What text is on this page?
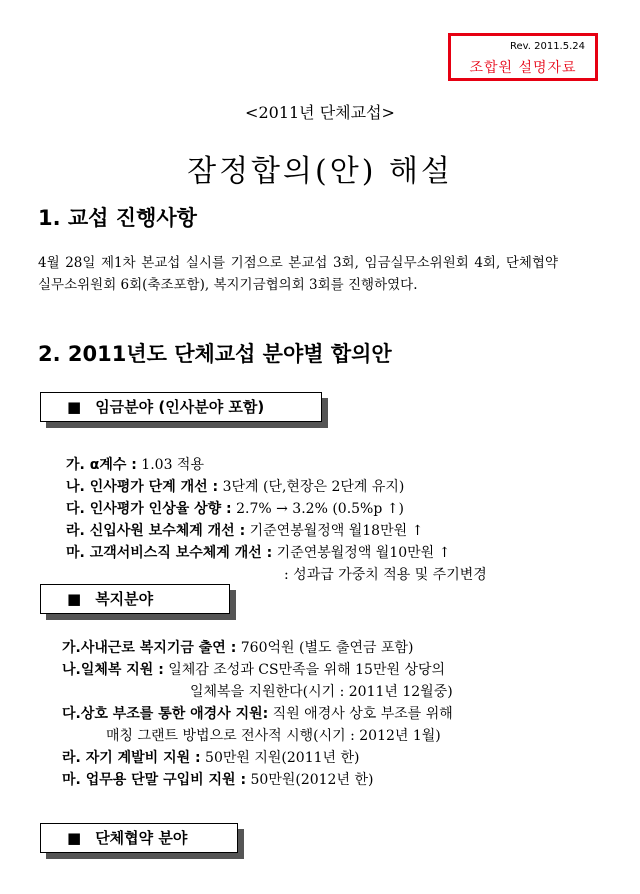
Rev. 2011.5.24
조합원 설명자료
<2011년 단체교섭>
잠정합의(안) 해설
1. 교섭 진행사항
4월 28일 제1차 본교섭 실시를 기점으로 본교섭 3회, 임금실무소위원회 4회, 단체협약실무소위원회 6회(축조포함), 복지기금협의회 3회를 진행하였다.
2. 2011년도 단체교섭 분야별 합의안
■ 임금분야 (인사분야 포함)
가. α계수 : 1.03 적용
나. 인사평가 단계 개선 : 3단계 (단,현장은 2단계 유지)
다. 인사평가 인상율 상향 : 2.7% → 3.2% (0.5%p ↑)
라. 신입사원 보수체계 개선 : 기준연봉월정액 월18만원 ↑
마. 고객서비스직 보수체계 개선 : 기준연봉월정액 월10만원 ↑
: 성과급 가중치 적용 및 주기변경
■ 복지분야
가.사내근로 복지기금 출연 : 760억원 (별도 출연금 포함)
나.일체복 지원 : 일체감 조성과 CS만족을 위해 15만원 상당의
일체복을 지원한다(시기 : 2011년 12월중)
다.상호 부조를 통한 애경사 지원: 직원 애경사 상호 부조를 위해
매칭 그랜트 방법으로 전사적 시행(시기 : 2012년 1월)
라. 자기 계발비 지원 : 50만원 지원(2011년 한)
마. 업무용 단말 구입비 지원 : 50만원(2012년 한)
■ 단체협약 분야
